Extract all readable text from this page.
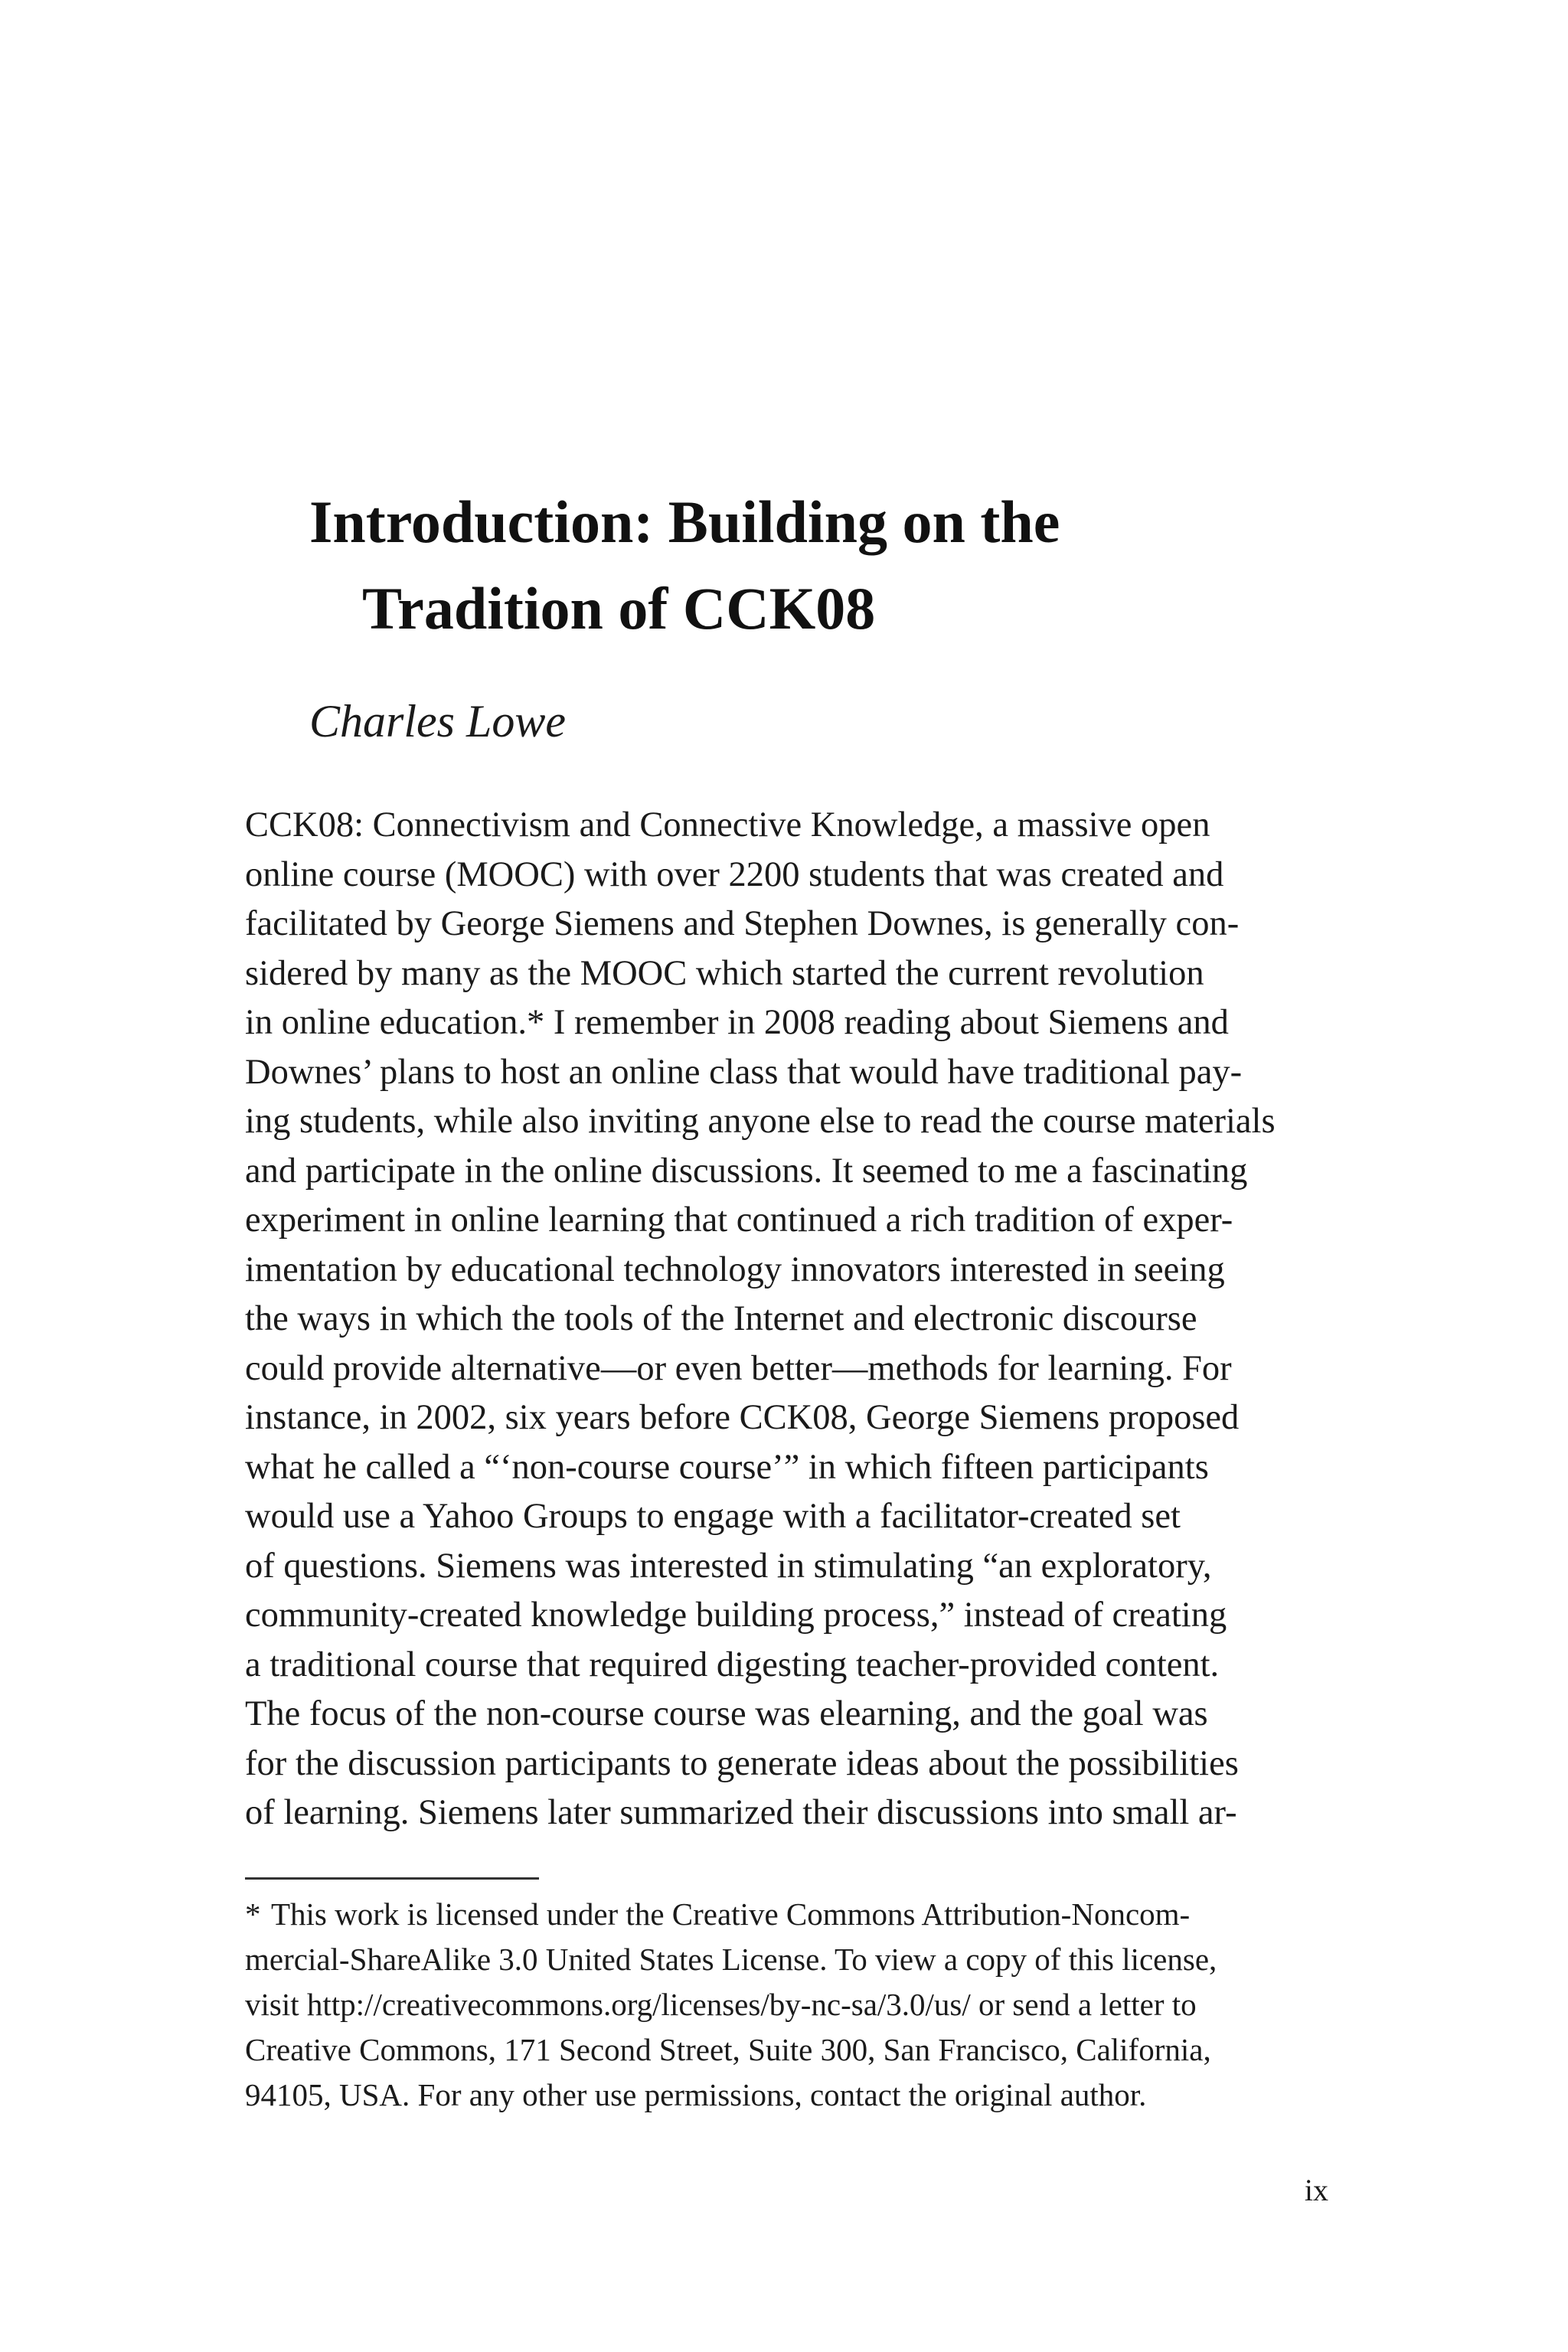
Introduction: Building on the
Tradition of CCK08

Charles Lowe

CCK08: Connectivism and Connective Knowledge, a massive open
online course (MOOC) with over 2200 students that was created and
facilitated by George Siemens and Stephen Downes, is generally con-
sidered by many as the MOOC which started the current revolution
in online education.* I remember in 2008 reading about Siemens and
Downes’ plans to host an online class that would have traditional pay-
ing students, while also inviting anyone else to read the course materials
and participate in the online discussions. It seemed to me a fascinating
experiment in online learning that continued a rich tradition of exper-
imentation by educational technology innovators interested in seeing
the ways in which the tools of the Internet and electronic discourse
could provide alternative—or even better—methods for learning. For
instance, in 2002, six years before CCK08, George Siemens proposed
what he called a “‘non-course course’” in which fifteen participants
would use a Yahoo Groups to engage with a facilitator-created set
of questions. Siemens was interested in stimulating “an exploratory,
community-created knowledge building process,” instead of creating
a traditional course that required digesting teacher-provided content.
The focus of the non-course course was elearning, and the goal was
for the discussion participants to generate ideas about the possibilities
of learning. Siemens later summarized their discussions into small ar-
* This work is licensed under the Creative Commons Attribution-Noncom-
mercial-ShareAlike 3.0 United States License. To view a copy of this license,
visit http://creativecommons.org/licenses/by-nc-sa/3.0/us/ or send a letter to
Creative Commons, 171 Second Street, Suite 300, San Francisco, California,
94105, USA. For any other use permissions, contact the original author.

ix
